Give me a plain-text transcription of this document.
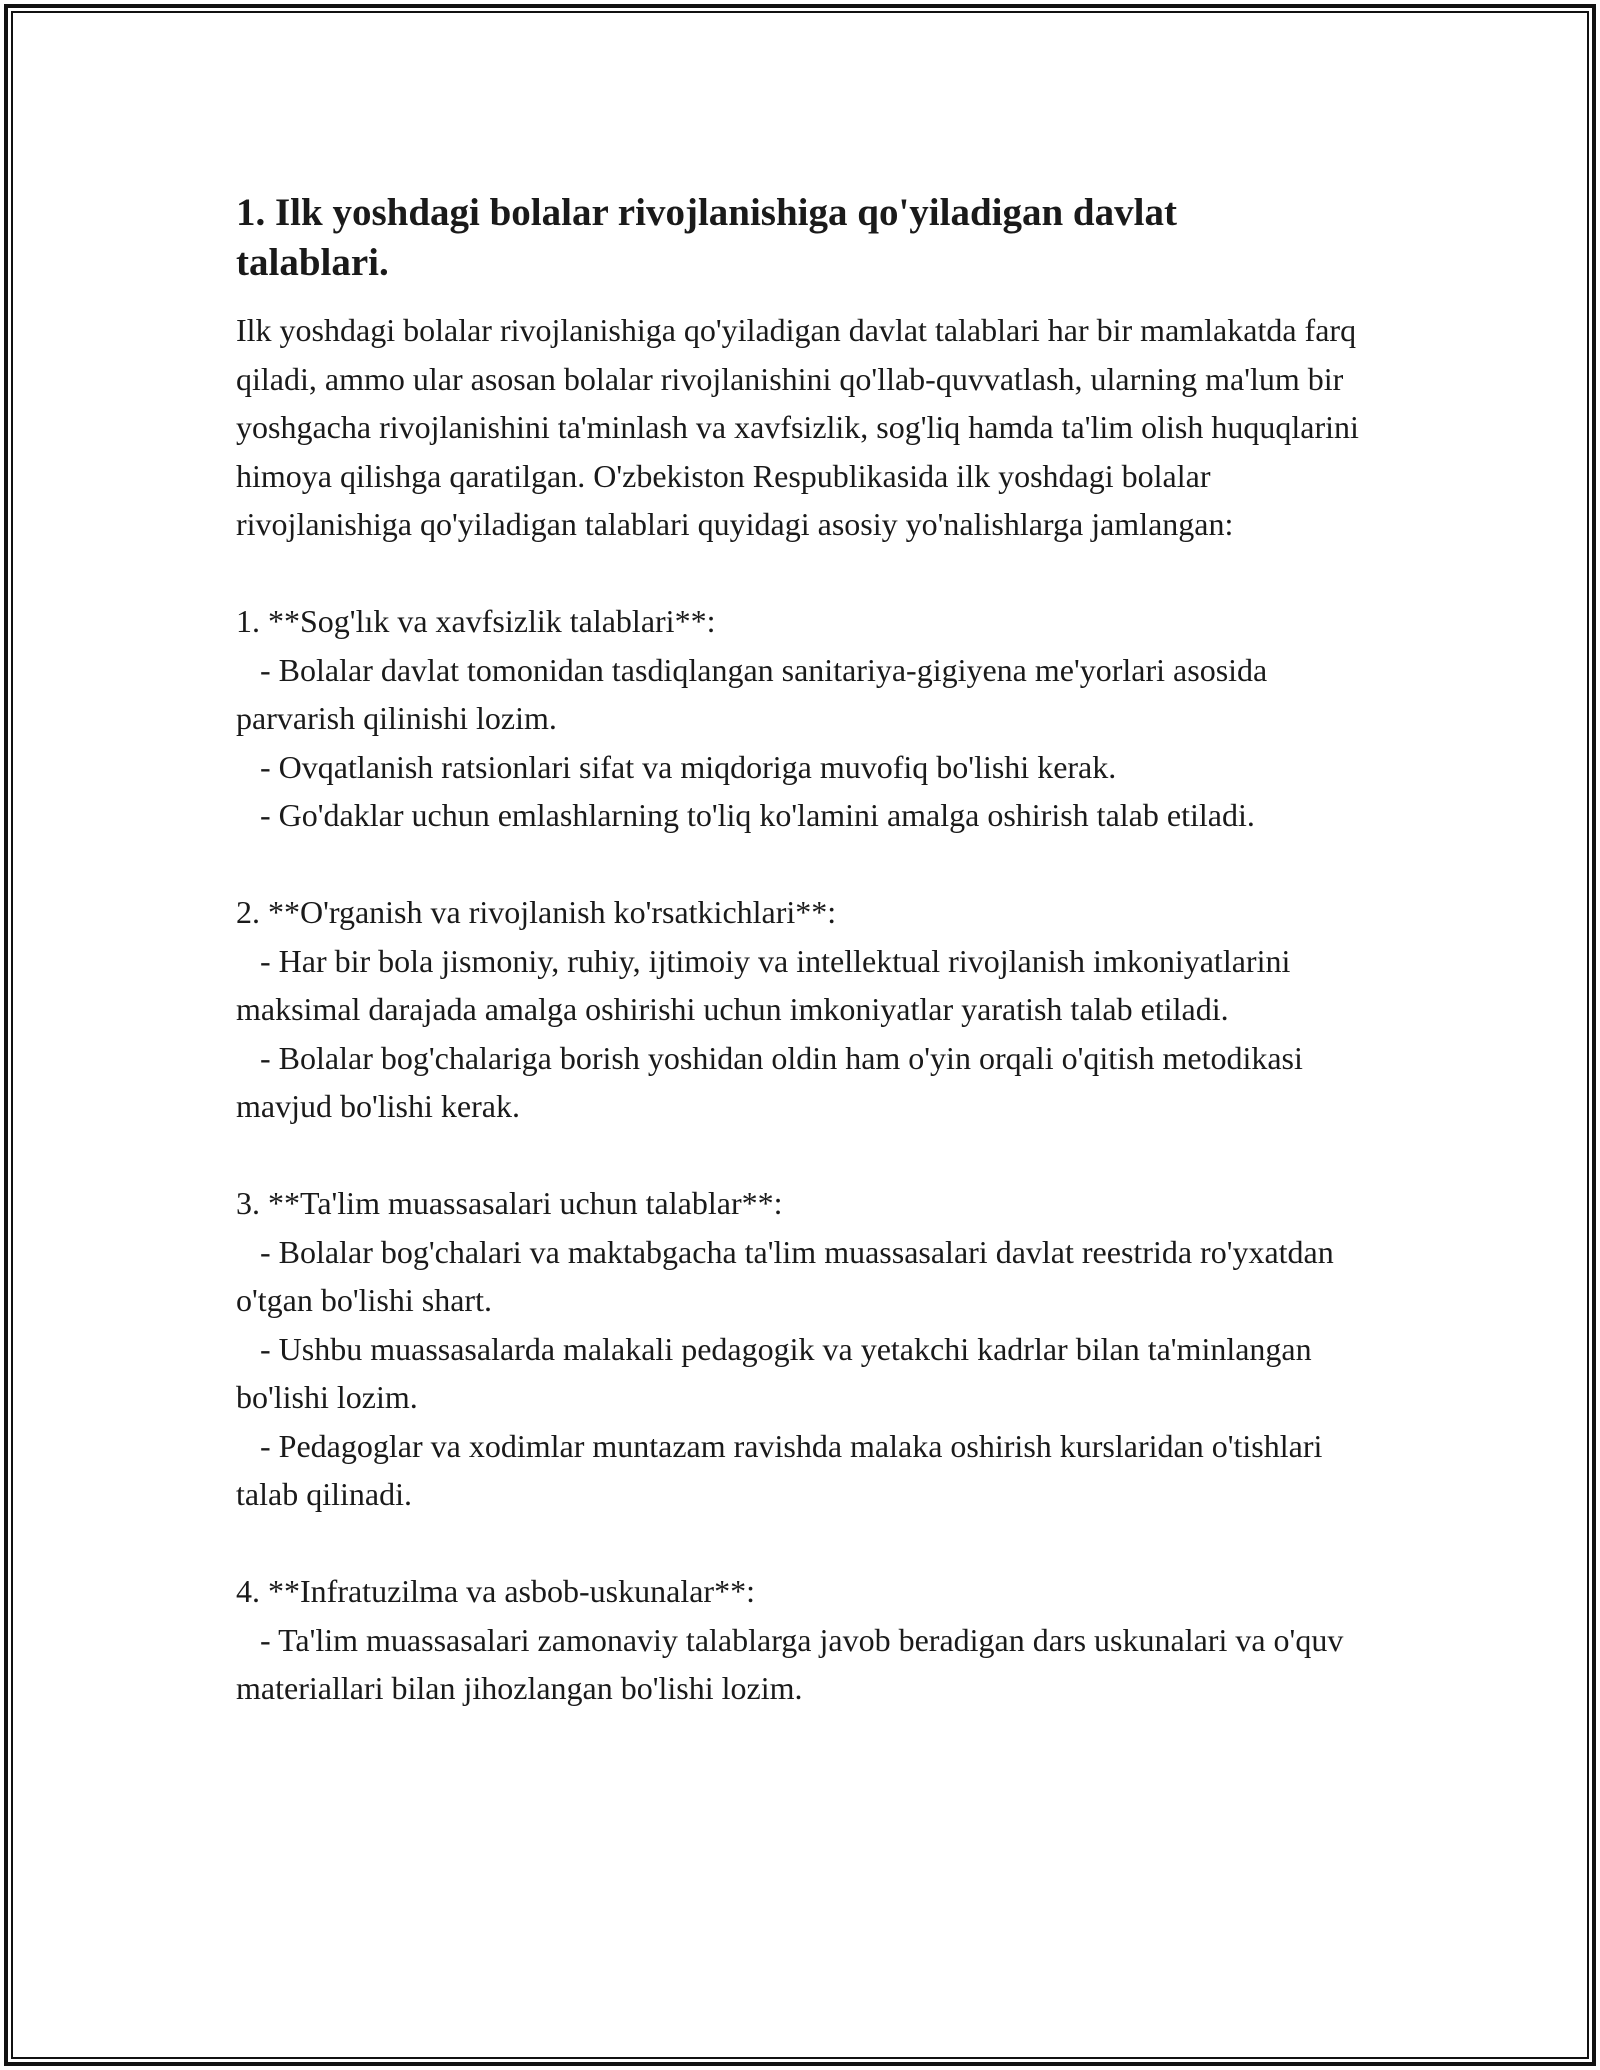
1. Ilk yoshdagi bolalar rivojlanishiga qo'yiladigan davlat talablari.

Ilk yoshdagi bolalar rivojlanishiga qo'yiladigan davlat talablari har bir mamlakatda farq qiladi, ammo ular asosan bolalar rivojlanishini qo'llab-quvvatlash, ularning ma'lum bir yoshgacha rivojlanishini ta'minlash va xavfsizlik, sog'liq hamda ta'lim olish huquqlarini himoya qilishga qaratilgan. O'zbekiston Respublikasida ilk yoshdagi bolalar rivojlanishiga qo'yiladigan talablari quyidagi asosiy yo'nalishlarga jamlangan:

1. **Sog'lık va xavfsizlik talablari**:

- Bolalar davlat tomonidan tasdiqlangan sanitariya-gigiyena me'yorlari asosida parvarish qilinishi lozim.

- Ovqatlanish ratsionlari sifat va miqdoriga muvofiq bo'lishi kerak.

- Go'daklar uchun emlashlarning to'liq ko'lamini amalga oshirish talab etiladi.

2. **O'rganish va rivojlanish ko'rsatkichlari**:

- Har bir bola jismoniy, ruhiy, ijtimoiy va intellektual rivojlanish imkoniyatlarini maksimal darajada amalga oshirishi uchun imkoniyatlar yaratish talab etiladi.

- Bolalar bog'chalariga borish yoshidan oldin ham o'yin orqali o'qitish metodikasi mavjud bo'lishi kerak.

3. **Ta'lim muassasalari uchun talablar**:

- Bolalar bog'chalari va maktabgacha ta'lim muassasalari davlat reestrida ro'yxatdan o'tgan bo'lishi shart.

- Ushbu muassasalarda malakali pedagogik va yetakchi kadrlar bilan ta'minlangan bo'lishi lozim.

- Pedagoglar va xodimlar muntazam ravishda malaka oshirish kurslaridan o'tishlari talab qilinadi.

4. **Infratuzilma va asbob-uskunalar**:

- Ta'lim muassasalari zamonaviy talablarga javob beradigan dars uskunalari va o'quv materiallari bilan jihozlangan bo'lishi lozim.
